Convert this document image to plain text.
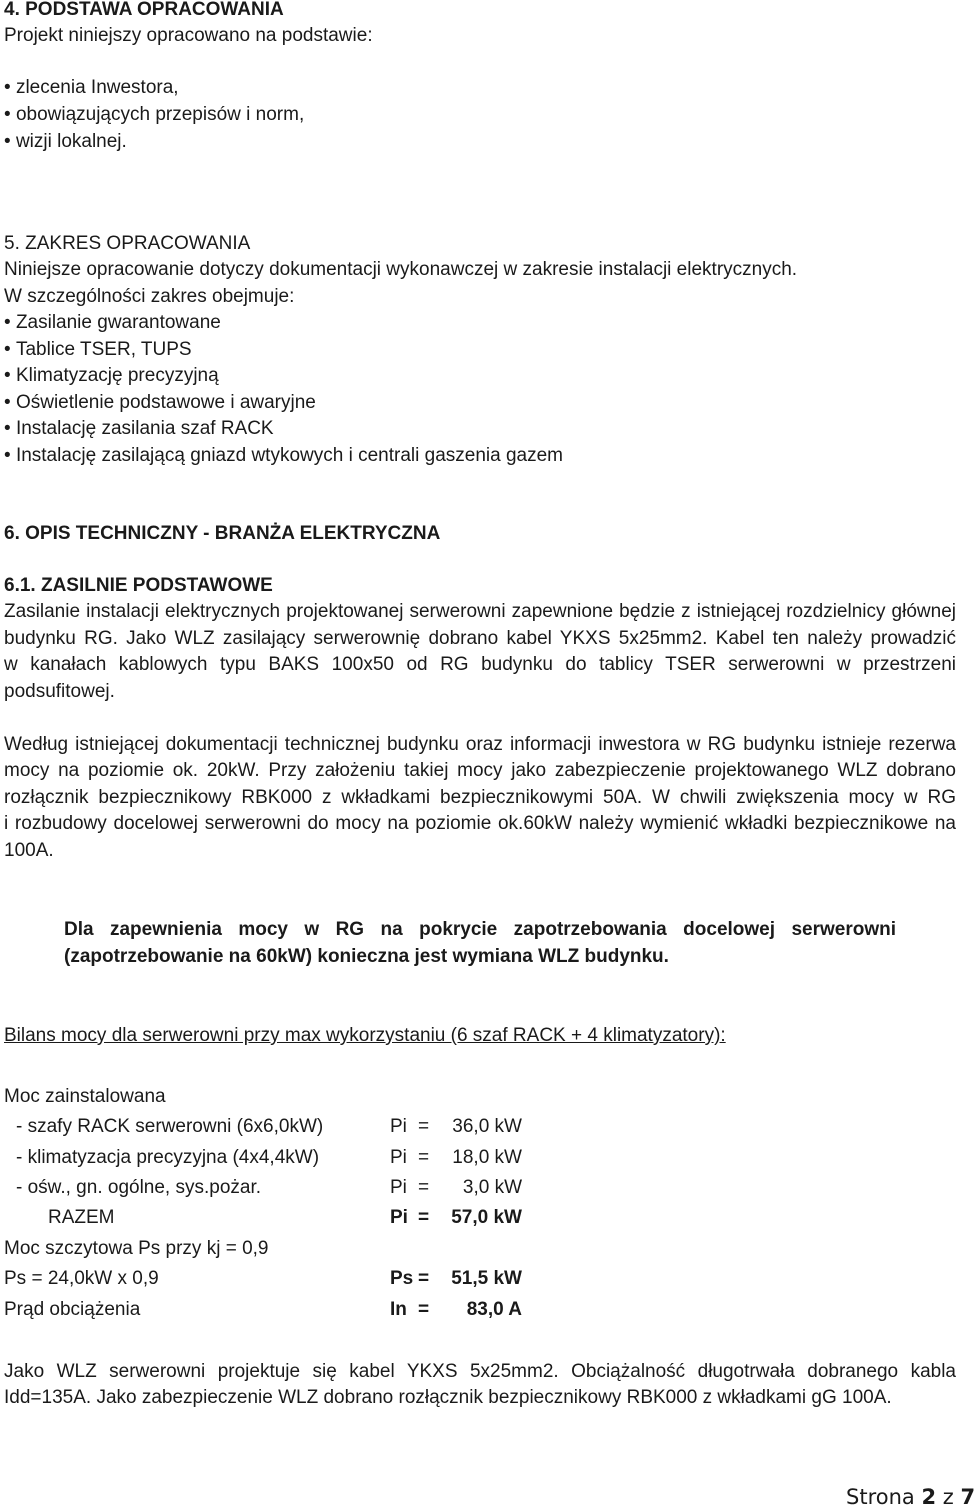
4. PODSTAWA OPRACOWANIA
Projekt niniejszy opracowano na podstawie:
• zlecenia Inwestora,
• obowiązujących przepisów i norm,
• wizji lokalnej.
5. ZAKRES OPRACOWANIA
Niniejsze opracowanie dotyczy dokumentacji wykonawczej w zakresie instalacji elektrycznych.
W szczególności zakres obejmuje:
• Zasilanie gwarantowane
• Tablice TSER, TUPS
• Klimatyzację precyzyjną
• Oświetlenie podstawowe i awaryjne
• Instalację zasilania szaf RACK
• Instalację zasilającą gniazd wtykowych i centrali gaszenia gazem
6. OPIS TECHNICZNY - BRANŻA ELEKTRYCZNA
6.1. ZASILNIE PODSTAWOWE
Zasilanie instalacji elektrycznych projektowanej serwerowni zapewnione będzie z istniejącej rozdzielnicy głównej
budynku RG. Jako WLZ zasilający serwerownię dobrano kabel YKXS 5x25mm2. Kabel ten należy prowadzić
w kanałach kablowych typu BAKS 100x50 od RG budynku do tablicy TSER serwerowni w przestrzeni
podsufitowej.
Według istniejącej dokumentacji technicznej budynku oraz informacji inwestora w RG budynku istnieje rezerwa
mocy na poziomie ok. 20kW. Przy założeniu takiej mocy jako zabezpieczenie projektowanego WLZ dobrano
rozłącznik bezpiecznikowy RBK000 z wkładkami bezpiecznikowymi 50A. W chwili zwiększenia mocy w RG
i rozbudowy docelowej serwerowni do mocy na poziomie ok.60kW należy wymienić wkładki bezpiecznikowe na
100A.
Dla zapewnienia mocy w RG na pokrycie zapotrzebowania docelowej serwerowni
(zapotrzebowanie na 60kW) konieczna jest wymiana WLZ budynku.
Bilans mocy dla serwerowni przy max wykorzystaniu (6 szaf RACK + 4 klimatyzatory):
Moc zainstalowana
- szafy RACK serwerowni (6x6,0kW)	Pi =	36,0 kW
- klimatyzacja precyzyjna (4x4,4kW)	Pi =	18,0 kW
- ośw., gn. ogólne, sys.pożar.	Pi =	3,0 kW
RAZEM	Pi =	57,0 kW
Moc szczytowa Ps przy kj = 0,9
Ps = 24,0kW x 0,9	Ps =	51,5 kW
Prąd obciążenia	In =	83,0 A
Jako WLZ serwerowni projektuje się kabel YKXS 5x25mm2. Obciążalność długotrwała dobranego kabla
Idd=135A. Jako zabezpieczenie WLZ dobrano rozłącznik bezpiecznikowy RBK000 z wkładkami gG 100A.
Strona 2 z 7
